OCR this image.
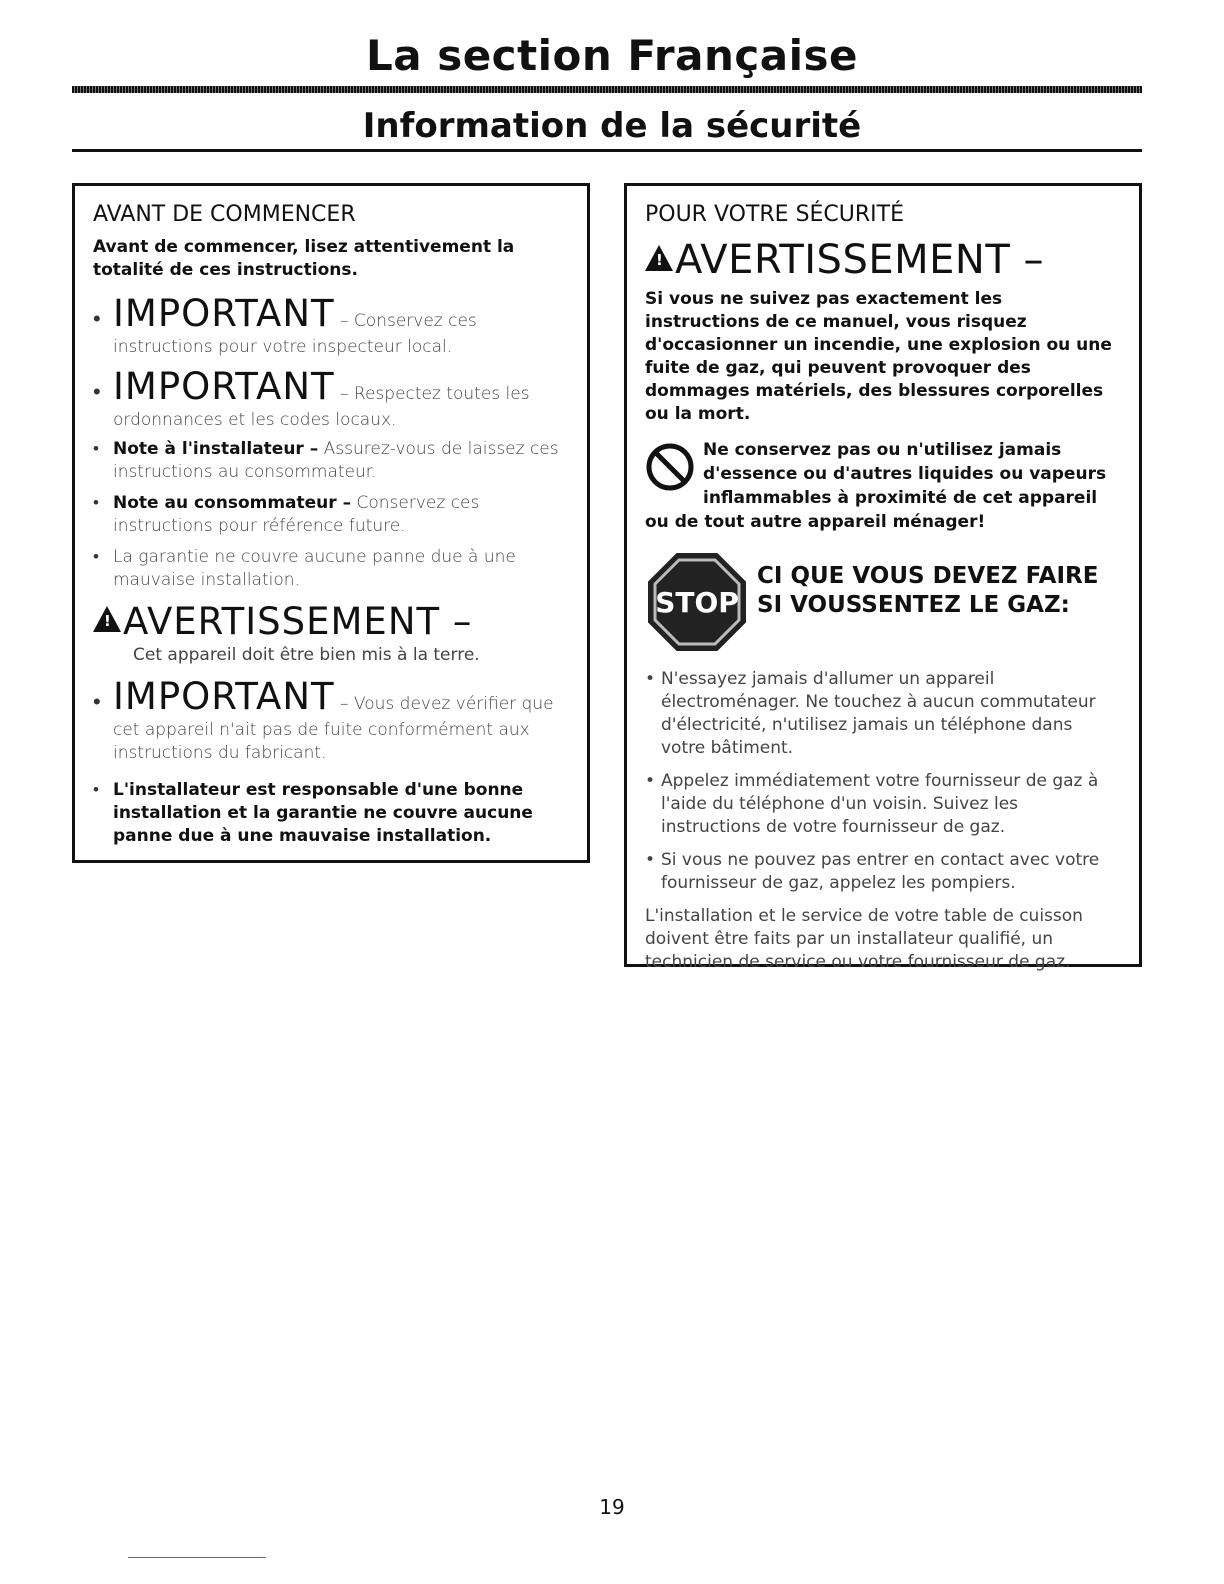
La section Française
Information de la sécurité
AVANT DE COMMENCER
Avant de commencer, lisez attentivement la totalité de ces instructions.
• IMPORTANT – Conservez ces instructions pour votre inspecteur local.
• IMPORTANT – Respectez toutes les ordonnances et les codes locaux.
• Note à l'installateur – Assurez-vous de laissez ces instructions au consommateur.
• Note au consommateur – Conservez ces instructions pour référence future.
• La garantie ne couvre aucune panne due à une mauvaise installation.
!AVERTISSEMENT –
Cet appareil doit être bien mis à la terre.
• IMPORTANT – Vous devez vérifier que cet appareil n'ait pas de fuite conformément aux instructions du fabricant.
• L'installateur est responsable d'une bonne installation et la garantie ne couvre aucune panne due à une mauvaise installation.
POUR VOTRE SÉCURITÉ
!AVERTISSEMENT –
Si vous ne suivez pas exactement les instructions de ce manuel, vous risquez d'occasionner un incendie, une explosion ou une fuite de gaz, qui peuvent provoquer des dommages matériels, des blessures corporelles ou la mort.
Ne conservez pas ou n'utilisez jamais d'essence ou d'autres liquides ou vapeurs inflammables à proximité de cet appareil
ou de tout autre appareil ménager!
STOP
CI QUE VOUS DEVEZ FAIRE SI VOUSSENTEZ LE GAZ:
• N'essayez jamais d'allumer un appareil électroménager. Ne touchez à aucun commutateur d'électricité, n'utilisez jamais un téléphone dans votre bâtiment.
• Appelez immédiatement votre fournisseur de gaz à l'aide du téléphone d'un voisin. Suivez les instructions de votre fournisseur de gaz.
• Si vous ne pouvez pas entrer en contact avec votre fournisseur de gaz, appelez les pompiers.
L'installation et le service de votre table de cuisson doivent être faits par un installateur qualifié, un technicien de service ou votre fournisseur de gaz.
19
